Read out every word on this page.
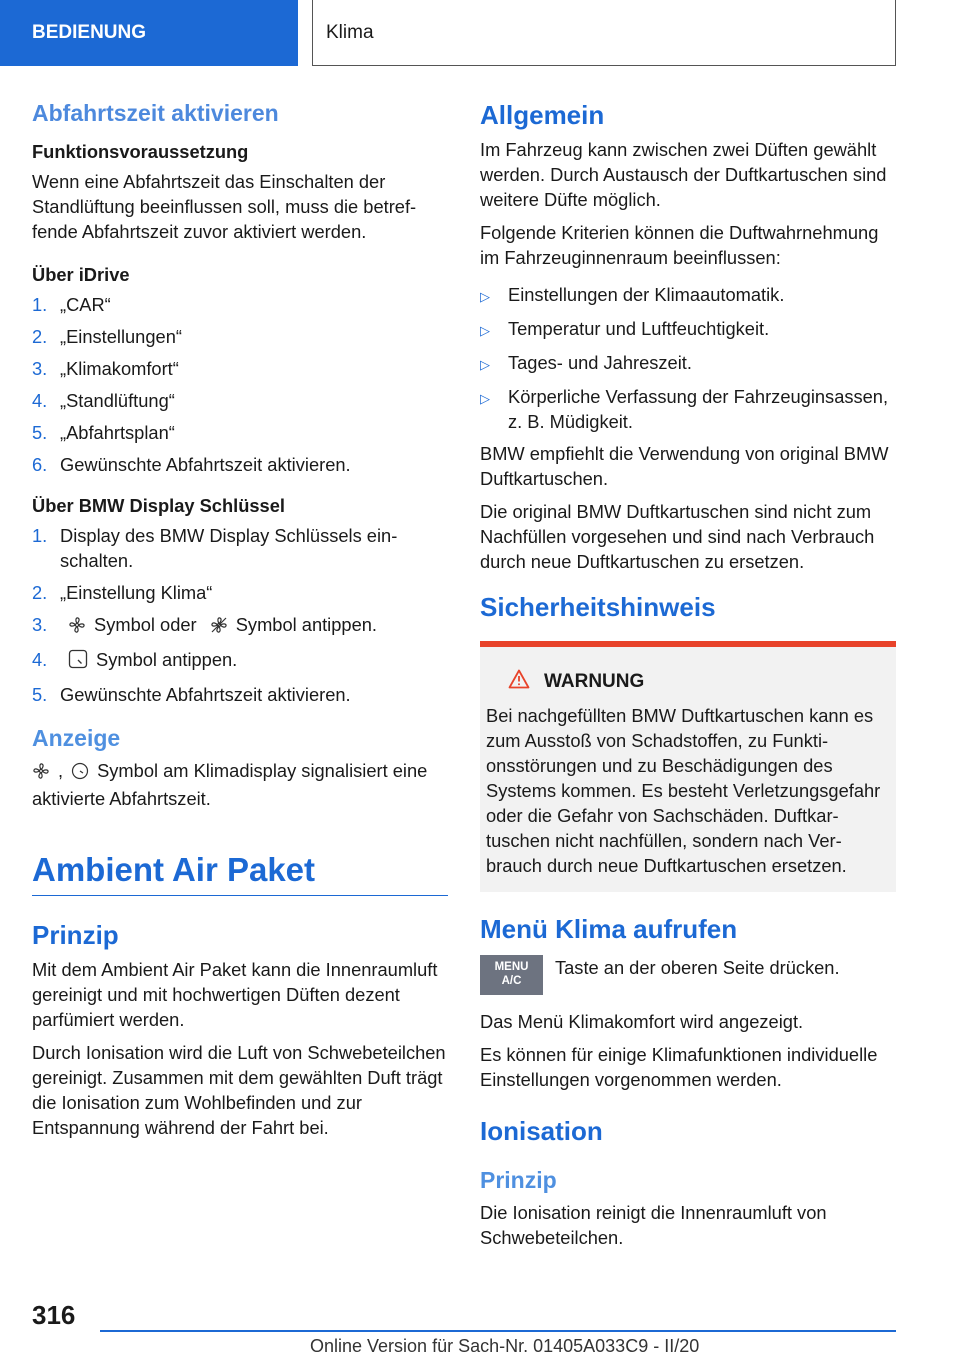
BEDIENUNG	Klima
Abfahrtszeit aktivieren
Funktionsvoraussetzung

Wenn eine Abfahrtszeit das Einschalten der Standlüftung beeinflussen soll, muss die betreffende Abfahrtszeit zuvor aktiviert werden.

Über iDrive
1. „CAR“
2. „Einstellungen“
3. „Klimakomfort“
4. „Standlüftung“
5. „Abfahrtsplan“
6. Gewünschte Abfahrtszeit aktivieren.
Über BMW Display Schlüssel
1. Display des BMW Display Schlüssels einschalten.
2. „Einstellung Klima“
3.	Symbol oder Symbol antippen.
4.	Symbol antippen.
5. Gewünschte Abfahrtszeit aktivieren.
Anzeige

, Symbol am Klimadisplay signalisiert eine aktivierte Abfahrtszeit.

Ambient Air Paket
Prinzip

Mit dem Ambient Air Paket kann die Innenraumluft gereinigt und mit hochwertigen Düften dezent parfümiert werden.

Durch Ionisation wird die Luft von Schwebeteilchen gereinigt. Zusammen mit dem gewählten Duft trägt die Ionisation zum Wohlbefinden und zur Entspannung während der Fahrt bei.

Allgemein

Im Fahrzeug kann zwischen zwei Düften gewählt werden. Durch Austausch der Duftkartuschen sind weitere Düfte möglich.

Folgende Kriterien können die Duftwahrnehmung im Fahrzeuginnenraum beeinflussen:

▷ Einstellungen der Klimaautomatik.
▷ Temperatur und Luftfeuchtigkeit.
▷ Tages- und Jahreszeit.
▷ Körperliche Verfassung der Fahrzeuginsassen, z. B. Müdigkeit.

BMW empfiehlt die Verwendung von original BMW Duftkartuschen.

Die original BMW Duftkartuschen sind nicht zum Nachfüllen vorgesehen und sind nach Verbrauch durch neue Duftkartuschen zu ersetzen.

Sicherheitshinweis
WARNUNG

Bei nachgefüllten BMW Duftkartuschen kann es zum Ausstoß von Schadstoffen, zu Funktionsstörungen und zu Beschädigungen des Systems kommen. Es besteht Verletzungsgefahr oder die Gefahr von Sachschäden. Duftkartuschen nicht nachfüllen, sondern nach Verbrauch durch neue Duftkartuschen ersetzen.

Menü Klima aufrufen
MENU
A/C

Taste an der oberen Seite drücken.

Das Menü Klimakomfort wird angezeigt.

Es können für einige Klimafunktionen individuelle Einstellungen vorgenommen werden.

Ionisation
Prinzip

Die Ionisation reinigt die Innenraumluft von Schwebeteilchen.

316
Online Version für Sach-Nr. 01405A033C9 - II/20
